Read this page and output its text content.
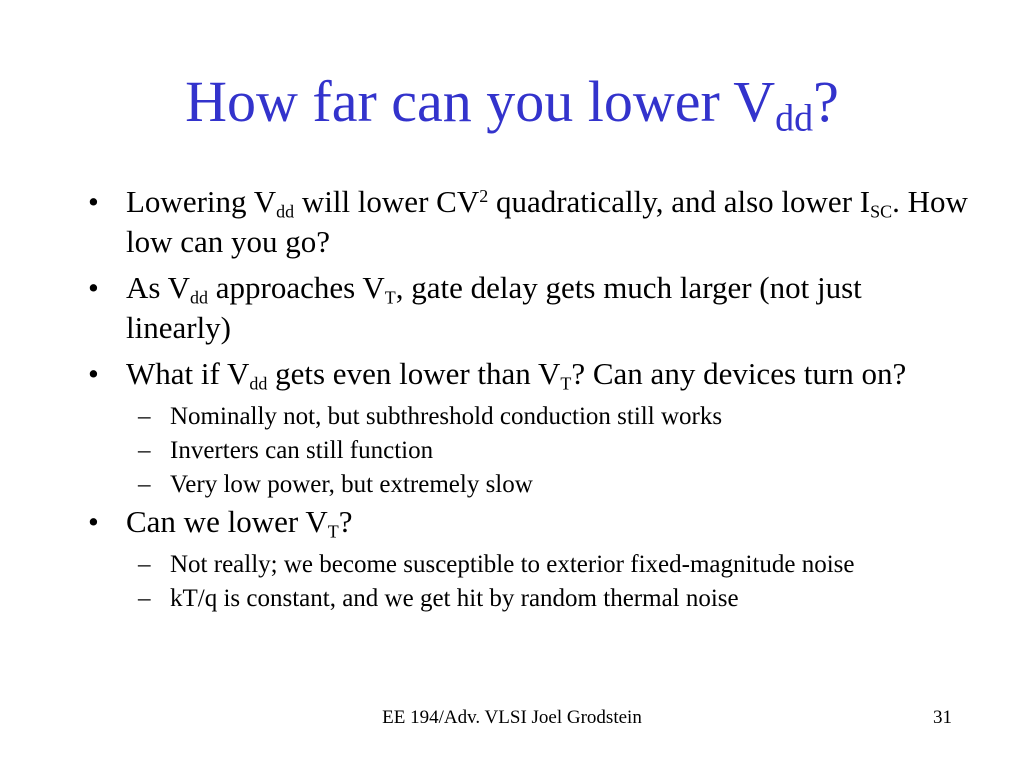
How far can you lower $V_{dd}$?
• Lowering $V_{dd}$ will lower $CV^2$ quadratically, and also lower $I_{SC}$. How low can you go?
• As $V_{dd}$ approaches $V_T$, gate delay gets much larger (not just linearly)
• What if $V_{dd}$ gets even lower than $V_T$? Can any devices turn on?
– Nominally not, but subthreshold conduction still works
– Inverters can still function
– Very low power, but extremely slow
• Can we lower $V_T$?
– Not really; we become susceptible to exterior fixed-magnitude noise
– kT/q is constant, and we get hit by random thermal noise
EE 194/Adv. VLSI Joel Grodstein	31
